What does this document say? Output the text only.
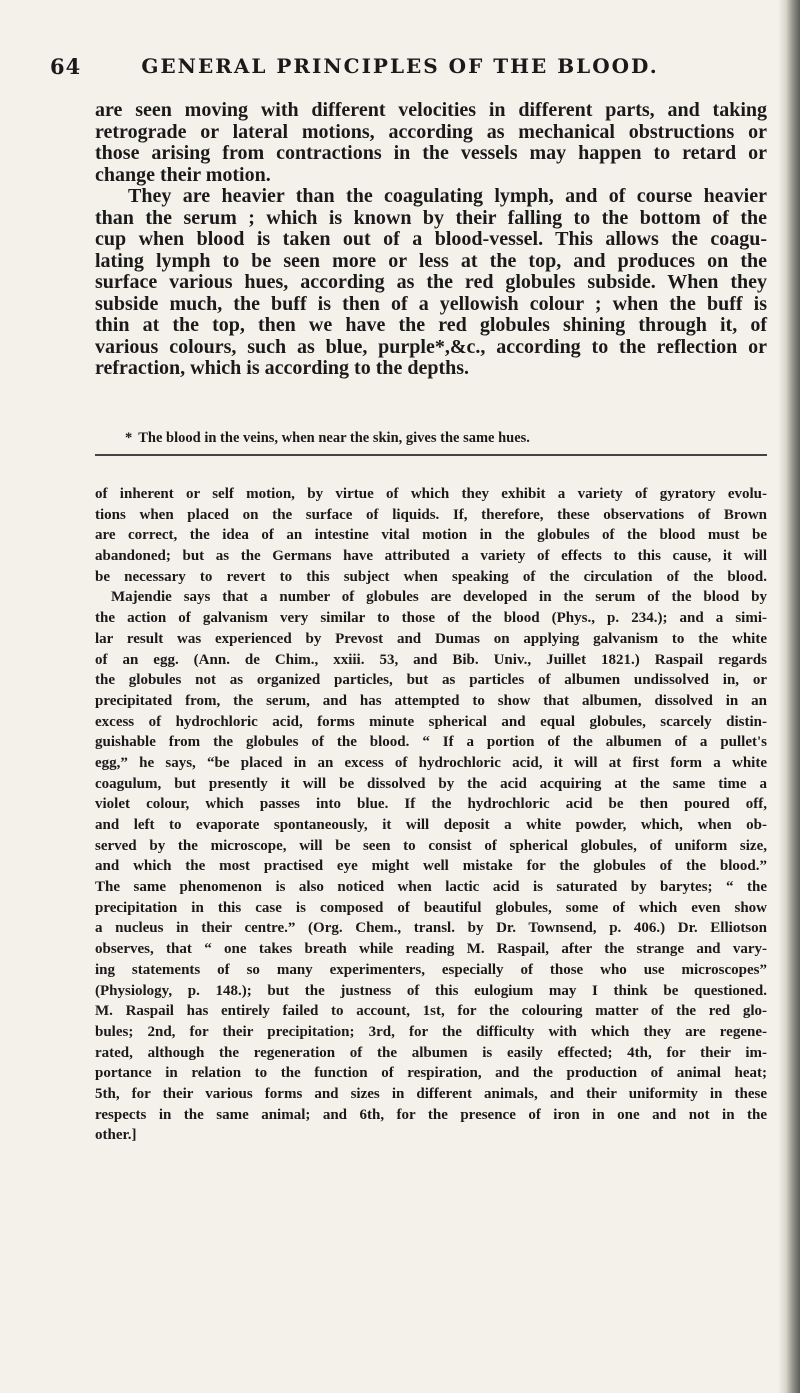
64	GENERAL PRINCIPLES OF THE BLOOD.
are seen moving with different velocities in different parts, and taking
retrograde or lateral motions, according as mechanical obstructions or
those arising from contractions in the vessels may happen to retard or
change their motion.
They are heavier than the coagulating lymph, and of course heavier
than the serum ; which is known by their falling to the bottom of the
cup when blood is taken out of a blood-vessel. This allows the coagu-
lating lymph to be seen more or less at the top, and produces on the
surface various hues, according as the red globules subside. When they
subside much, the buff is then of a yellowish colour ; when the buff is
thin at the top, then we have the red globules shining through it, of
various colours, such as blue, purple*,&c., according to the reflection or
refraction, which is according to the depths.
* The blood in the veins, when near the skin, gives the same hues.
of inherent or self motion, by virtue of which they exhibit a variety of gyratory evolu-
tions when placed on the surface of liquids. If, therefore, these observations of Brown
are correct, the idea of an intestine vital motion in the globules of the blood must be
abandoned; but as the Germans have attributed a variety of effects to this cause, it will
be necessary to revert to this subject when speaking of the circulation of the blood.
Majendie says that a number of globules are developed in the serum of the blood by
the action of galvanism very similar to those of the blood (Phys., p. 234.); and a simi-
lar result was experienced by Prevost and Dumas on applying galvanism to the white
of an egg. (Ann. de Chim., xxiii. 53, and Bib. Univ., Juillet 1821.) Raspail regards
the globules not as organized particles, but as particles of albumen undissolved in, or
precipitated from, the serum, and has attempted to show that albumen, dissolved in an
excess of hydrochloric acid, forms minute spherical and equal globules, scarcely distin-
guishable from the globules of the blood. “ If a portion of the albumen of a pullet's
egg,” he says, “be placed in an excess of hydrochloric acid, it will at first form a white
coagulum, but presently it will be dissolved by the acid acquiring at the same time a
violet colour, which passes into blue. If the hydrochloric acid be then poured off,
and left to evaporate spontaneously, it will deposit a white powder, which, when ob-
served by the microscope, will be seen to consist of spherical globules, of uniform size,
and which the most practised eye might well mistake for the globules of the blood.”
The same phenomenon is also noticed when lactic acid is saturated by barytes; “ the
precipitation in this case is composed of beautiful globules, some of which even show
a nucleus in their centre.” (Org. Chem., transl. by Dr. Townsend, p. 406.) Dr. Elliotson
observes, that “ one takes breath while reading M. Raspail, after the strange and vary-
ing statements of so many experimenters, especially of those who use microscopes”
(Physiology, p. 148.); but the justness of this eulogium may I think be questioned.
M. Raspail has entirely failed to account, 1st, for the colouring matter of the red glo-
bules; 2nd, for their precipitation; 3rd, for the difficulty with which they are regene-
rated, although the regeneration of the albumen is easily effected; 4th, for their im-
portance in relation to the function of respiration, and the production of animal heat;
5th, for their various forms and sizes in different animals, and their uniformity in these
respects in the same animal; and 6th, for the presence of iron in one and not in the
other.]
